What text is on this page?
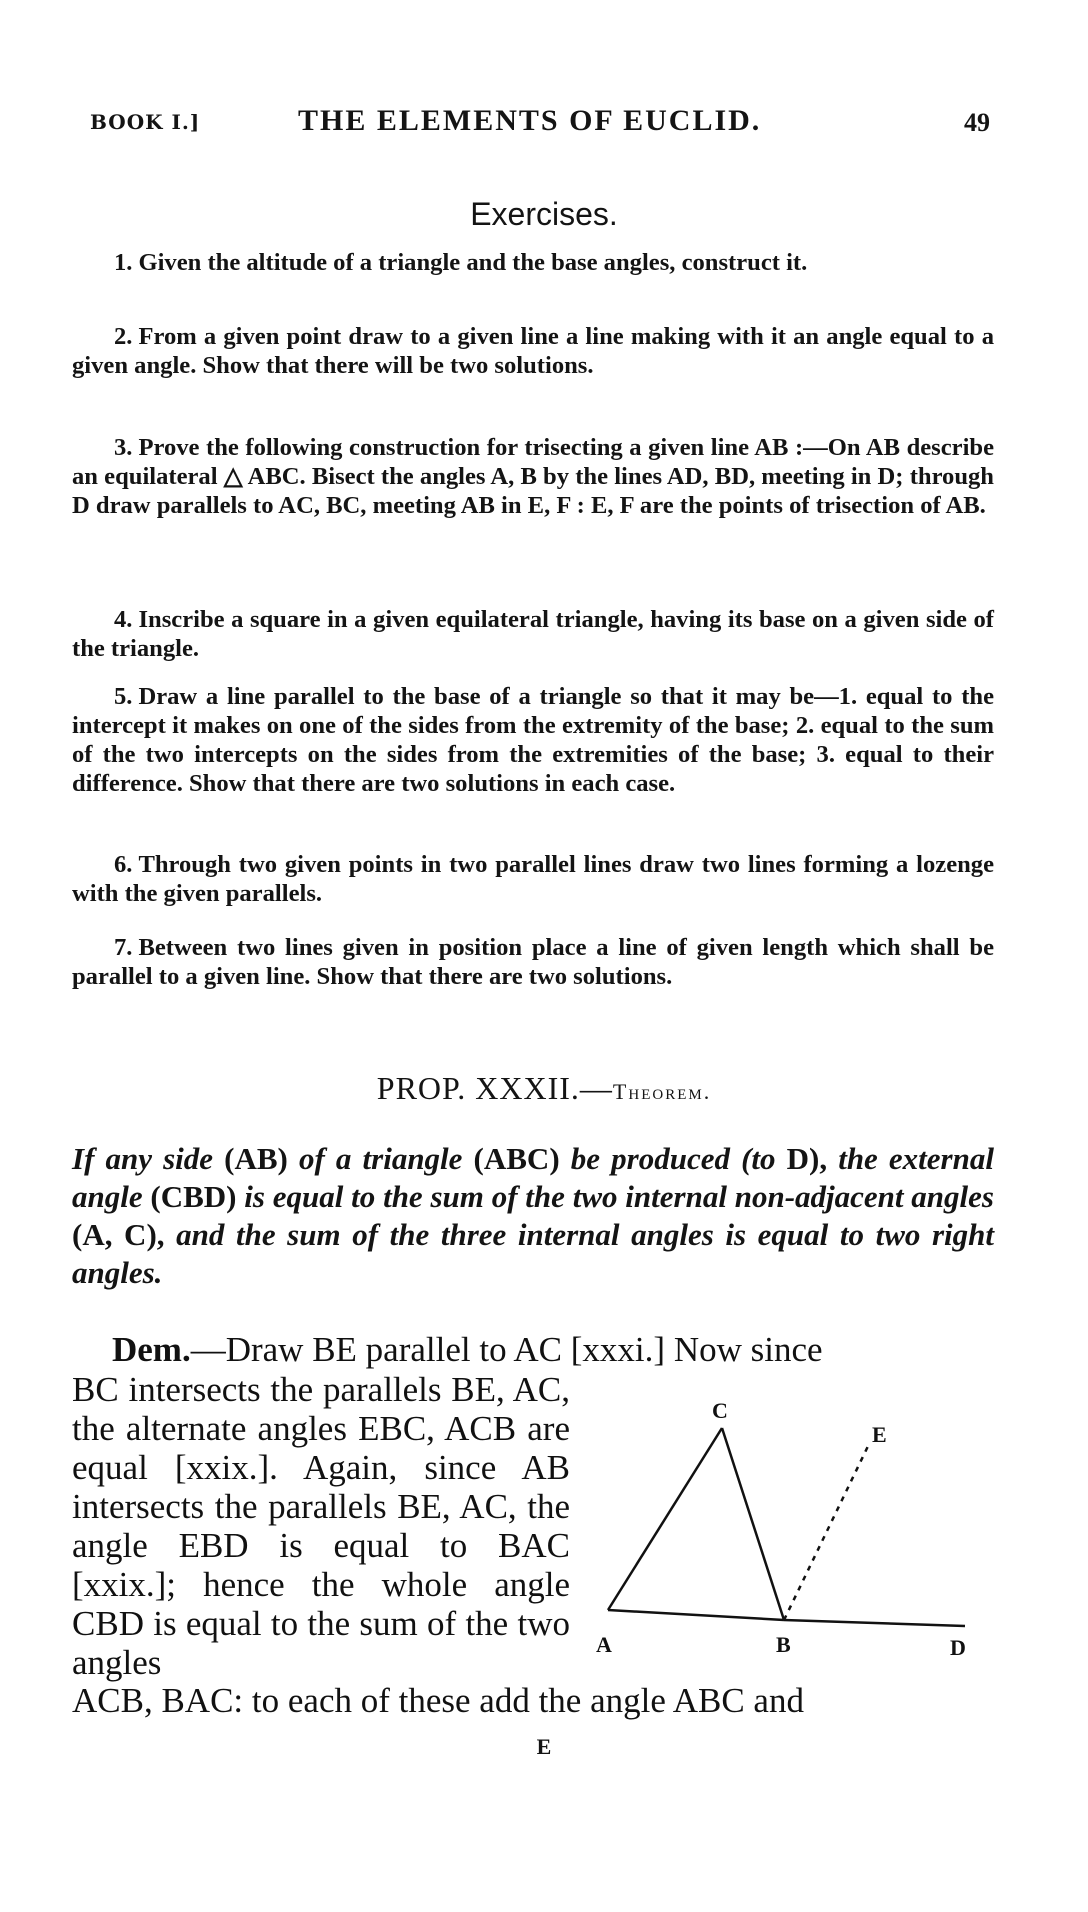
BOOK I.]	THE ELEMENTS OF EUCLID.	49
Exercises.
1. Given the altitude of a triangle and the base angles, construct it.
2. From a given point draw to a given line a line making with it an angle equal to a given angle. Show that there will be two solutions.
3. Prove the following construction for trisecting a given line AB :—On AB describe an equilateral △ ABC. Bisect the angles A, B by the lines AD, BD, meeting in D; through D draw parallels to AC, BC, meeting AB in E, F : E, F are the points of trisection of AB.
4. Inscribe a square in a given equilateral triangle, having its base on a given side of the triangle.
5. Draw a line parallel to the base of a triangle so that it may be—1. equal to the intercept it makes on one of the sides from the extremity of the base; 2. equal to the sum of the two intercepts on the sides from the extremities of the base; 3. equal to their difference. Show that there are two solutions in each case.
6. Through two given points in two parallel lines draw two lines forming a lozenge with the given parallels.
7. Between two lines given in position place a line of given length which shall be parallel to a given line. Show that there are two solutions.
PROP. XXXII.—Theorem.
If any side (AB) of a triangle (ABC) be produced (to D), the external angle (CBD) is equal to the sum of the two internal non-adjacent angles (A, C), and the sum of the three internal angles is equal to two right angles.
Dem.—Draw BE parallel to AC [xxxi.] Now since
BC intersects the parallels BE, AC, the alternate angles EBC, ACB are equal [xxix.]. Again, since AB intersects the parallels BE, AC, the angle EBD is equal to BAC [xxix.]; hence the whole angle CBD is equal to the sum of the two angles
ACB, BAC: to each of these add the angle ABC and
C
E
A	B	D
E
